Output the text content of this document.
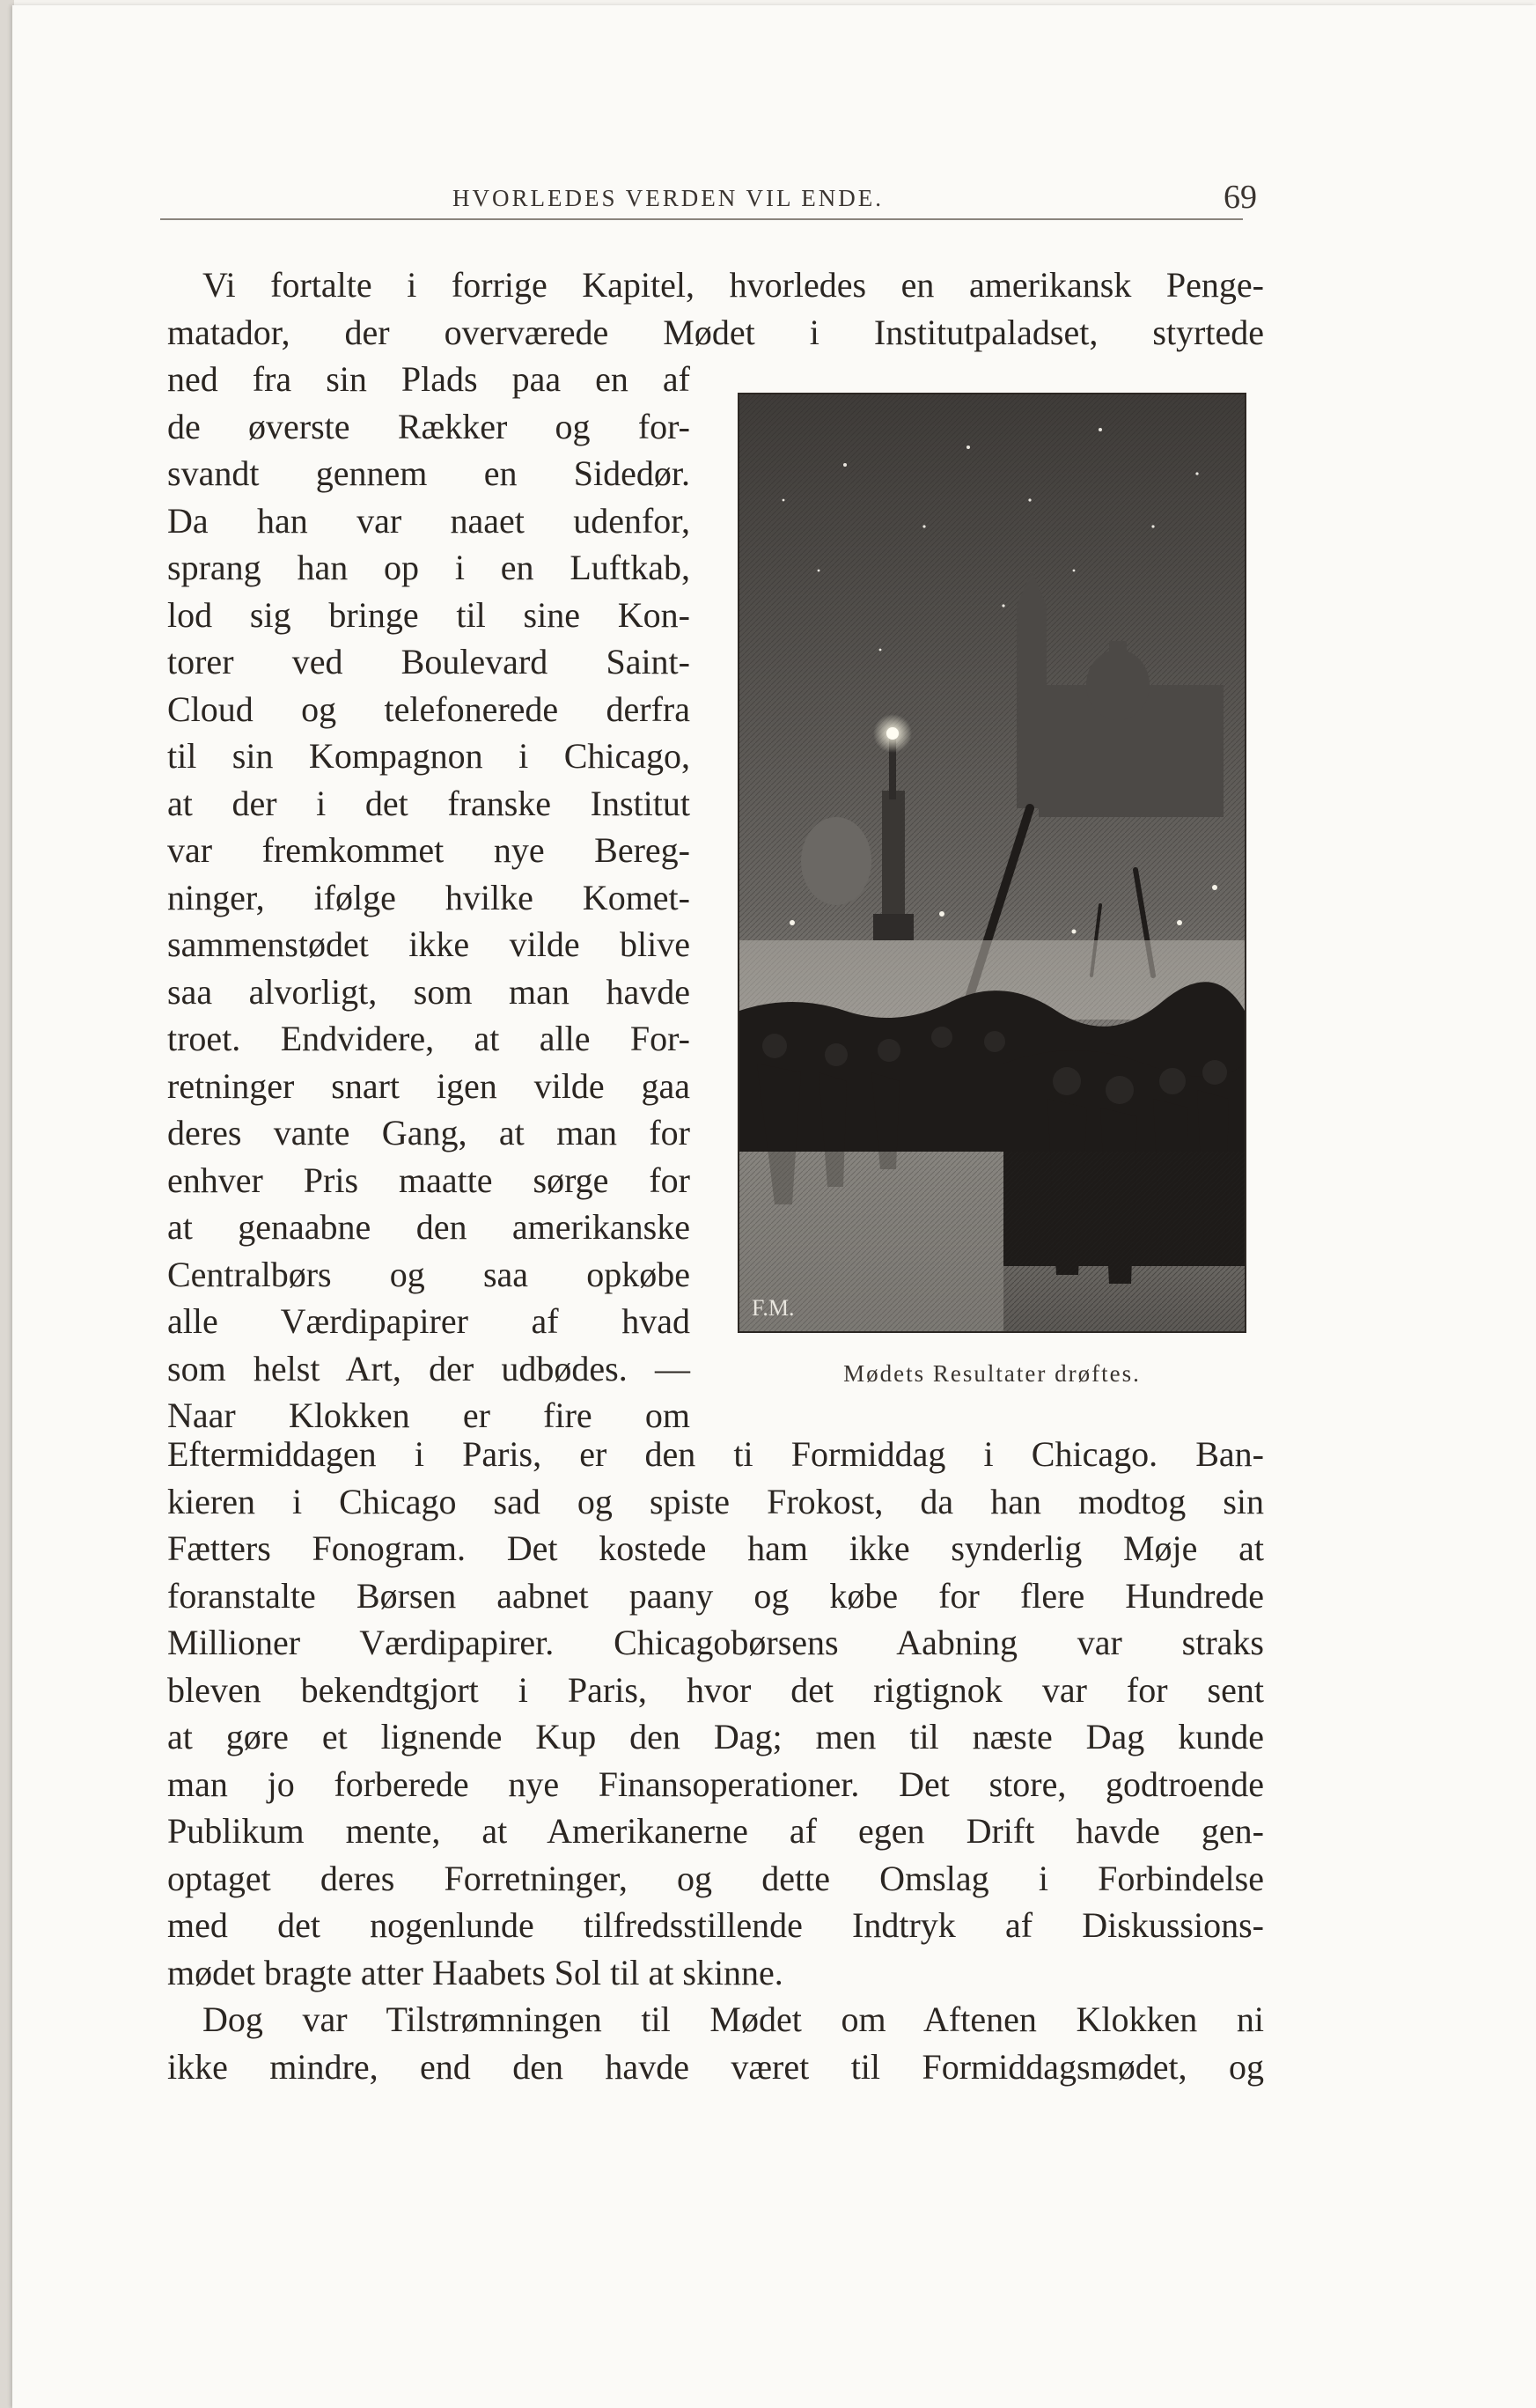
HVORLEDES VERDEN VIL ENDE.	69
Vi fortalte i forrige Kapitel, hvorledes en amerikansk Penge-
matador, der overværede Mødet i Institutpaladset, styrtede
ned fra sin Plads paa en af
de øverste Rækker og for-
svandt gennem en Sidedør.
Da han var naaet udenfor,
sprang han op i en Luftkab,
lod sig bringe til sine Kon-
torer ved Boulevard Saint-
Cloud og telefonerede derfra
til sin Kompagnon i Chicago,
at der i det franske Institut
var fremkommet nye Bereg-
ninger, ifølge hvilke Komet-
sammenstødet ikke vilde blive
saa alvorligt, som man havde
troet. Endvidere, at alle For-
retninger snart igen vilde gaa
deres vante Gang, at man for
enhver Pris maatte sørge for
at genaabne den amerikanske
Centralbørs og saa opkøbe
alle Værdipapirer af hvad
som helst Art, der udbødes. —
Naar Klokken er fire om
F.M.
Mødets Resultater drøftes.
Eftermiddagen i Paris, er den ti Formiddag i Chicago. Ban-
kieren i Chicago sad og spiste Frokost, da han modtog sin
Fætters Fonogram. Det kostede ham ikke synderlig Møje at
foranstalte Børsen aabnet paany og købe for flere Hundrede
Millioner Værdipapirer. Chicagobørsens Aabning var straks
bleven bekendtgjort i Paris, hvor det rigtignok var for sent
at gøre et lignende Kup den Dag; men til næste Dag kunde
man jo forberede nye Finansoperationer. Det store, godtroende
Publikum mente, at Amerikanerne af egen Drift havde gen-
optaget deres Forretninger, og dette Omslag i Forbindelse
med det nogenlunde tilfredsstillende Indtryk af Diskussions-
mødet bragte atter Haabets Sol til at skinne.
Dog var Tilstrømningen til Mødet om Aftenen Klokken ni
ikke mindre, end den havde været til Formiddagsmødet, og
